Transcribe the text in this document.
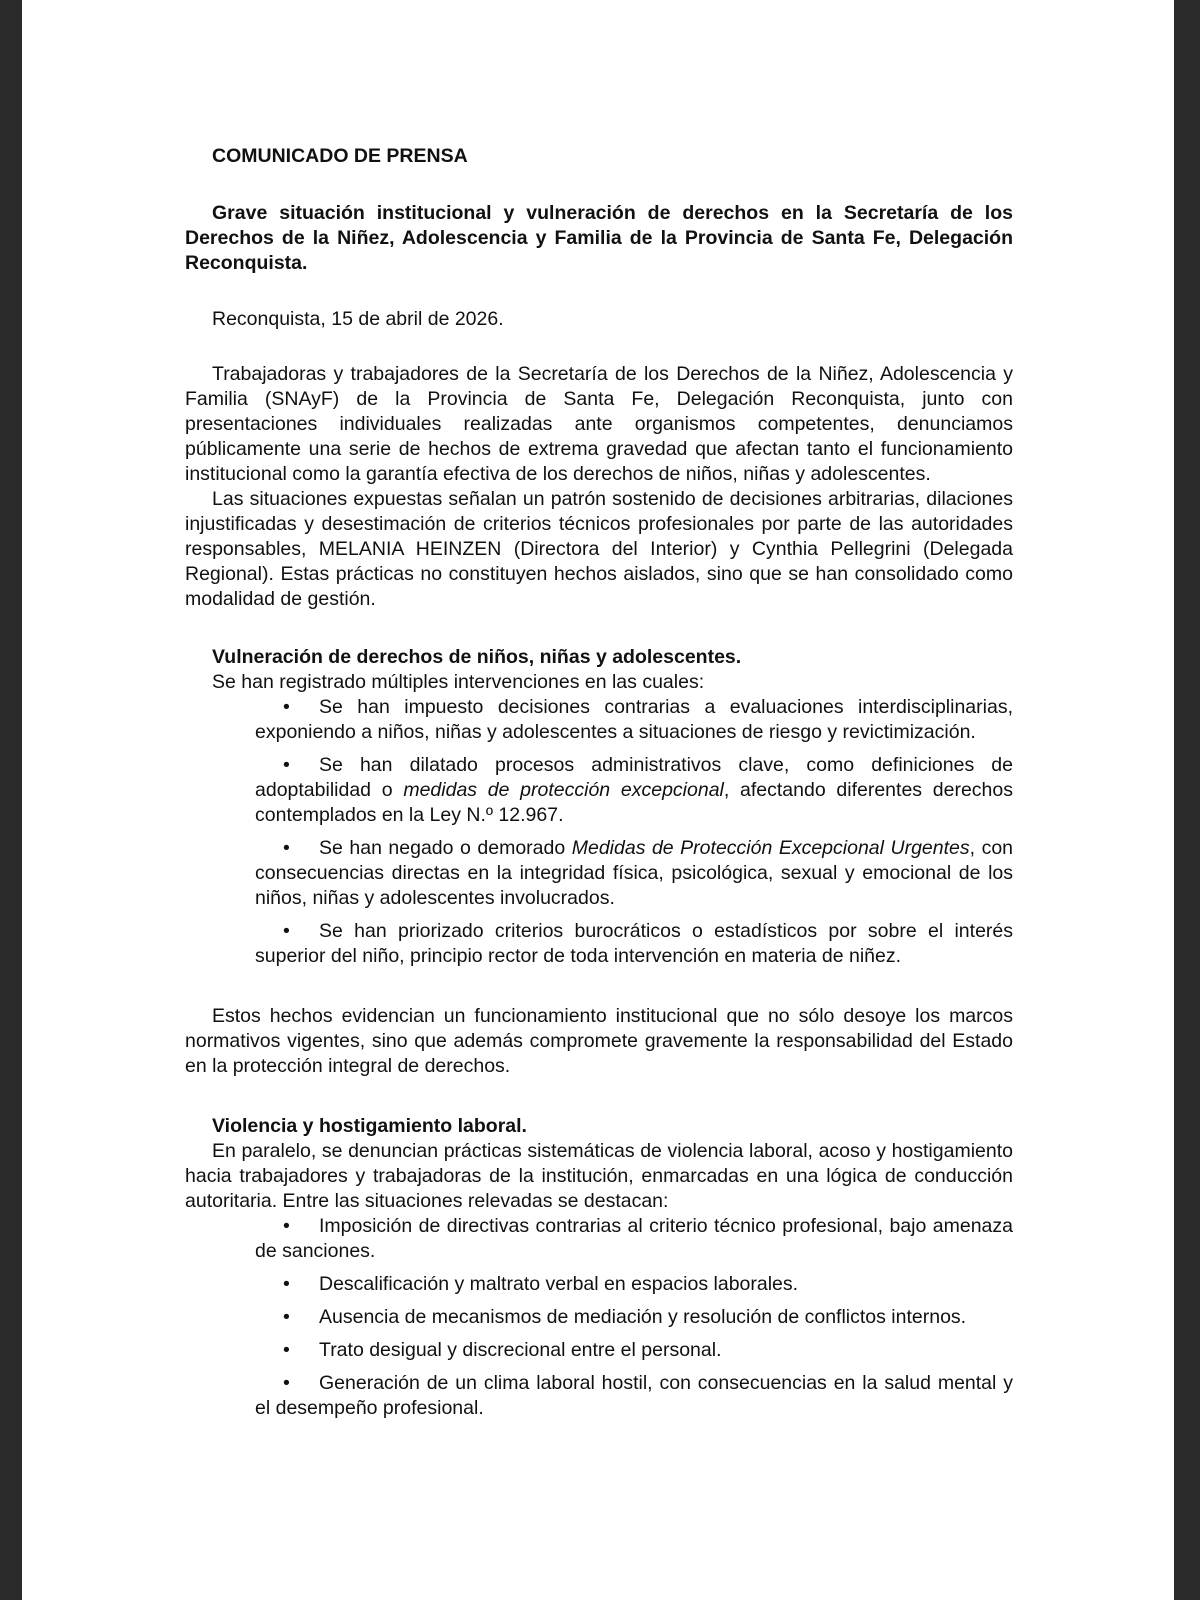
COMUNICADO DE PRENSA

Grave situación institucional y vulneración de derechos en la Secretaría de los Derechos de la Niñez, Adolescencia y Familia de la Provincia de Santa Fe, Delegación Reconquista.

Reconquista, 15 de abril de 2026.

Trabajadoras y trabajadores de la Secretaría de los Derechos de la Niñez, Adolescencia y Familia (SNAyF) de la Provincia de Santa Fe, Delegación Reconquista, junto con presentaciones individuales realizadas ante organismos competentes, denunciamos públicamente una serie de hechos de extrema gravedad que afectan tanto el funcionamiento institucional como la garantía efectiva de los derechos de niños, niñas y adolescentes.

Las situaciones expuestas señalan un patrón sostenido de decisiones arbitrarias, dilaciones injustificadas y desestimación de criterios técnicos profesionales por parte de las autoridades responsables, MELANIA HEINZEN (Directora del Interior) y Cynthia Pellegrini (Delegada Regional). Estas prácticas no constituyen hechos aislados, sino que se han consolidado como modalidad de gestión.

Vulneración de derechos de niños, niñas y adolescentes.

Se han registrado múltiples intervenciones en las cuales:

• Se han impuesto decisiones contrarias a evaluaciones interdisciplinarias, exponiendo a niños, niñas y adolescentes a situaciones de riesgo y revictimización.
• Se han dilatado procesos administrativos clave, como definiciones de adoptabilidad o medidas de protección excepcional, afectando diferentes derechos contemplados en la Ley N.º 12.967.
• Se han negado o demorado Medidas de Protección Excepcional Urgentes, con consecuencias directas en la integridad física, psicológica, sexual y emocional de los niños, niñas y adolescentes involucrados.
• Se han priorizado criterios burocráticos o estadísticos por sobre el interés superior del niño, principio rector de toda intervención en materia de niñez.

Estos hechos evidencian un funcionamiento institucional que no sólo desoye los marcos normativos vigentes, sino que además compromete gravemente la responsabilidad del Estado en la protección integral de derechos.

Violencia y hostigamiento laboral.

En paralelo, se denuncian prácticas sistemáticas de violencia laboral, acoso y hostigamiento hacia trabajadores y trabajadoras de la institución, enmarcadas en una lógica de conducción autoritaria. Entre las situaciones relevadas se destacan:

• Imposición de directivas contrarias al criterio técnico profesional, bajo amenaza de sanciones.
• Descalificación y maltrato verbal en espacios laborales.
• Ausencia de mecanismos de mediación y resolución de conflictos internos.
• Trato desigual y discrecional entre el personal.
• Generación de un clima laboral hostil, con consecuencias en la salud mental y el desempeño profesional.
